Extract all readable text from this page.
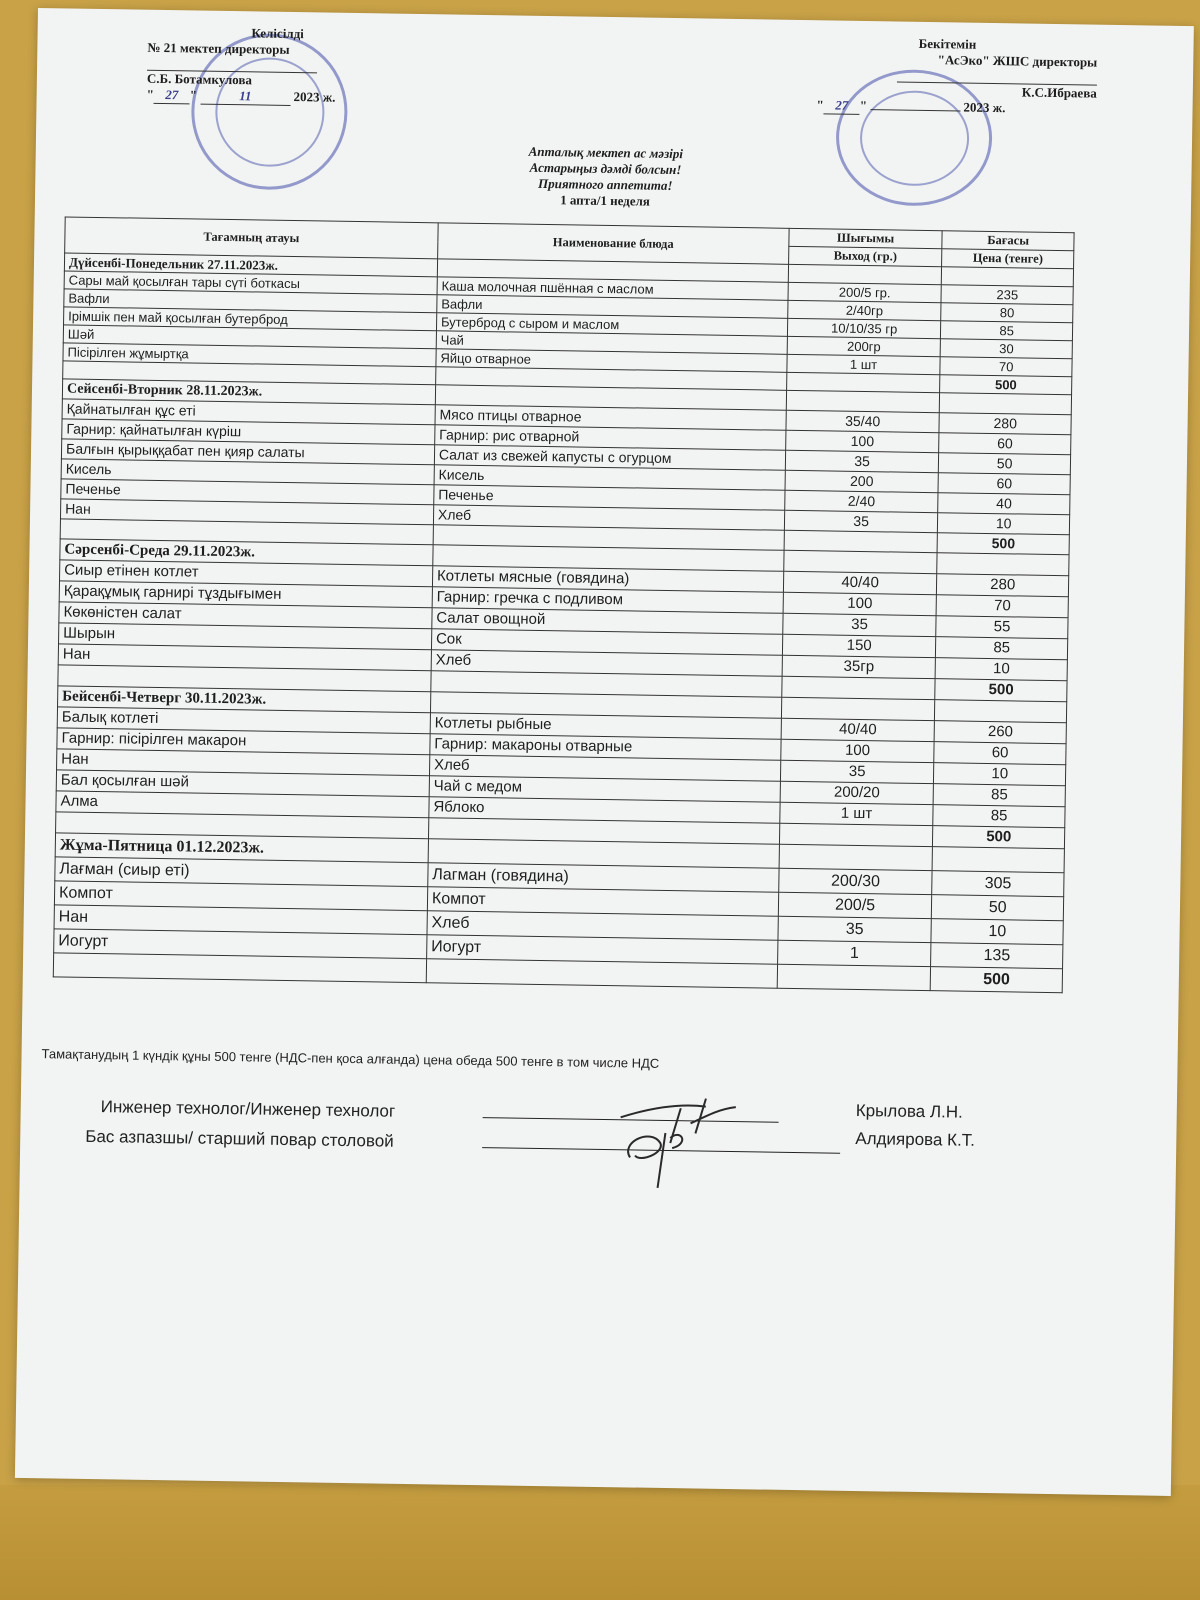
Келісілді
№ 21 мектеп директоры
С.Б. Ботамкулова
" 27 "	11	2023 ж.
Бекітемін
"АсЭко" ЖШС директоры
К.С.Ибраева
" 27 "	2023 ж.
Апталық мектеп ас мәзірі
Астарыңыз дәмді болсын!
Приятного аппетита!
1 апта/1 неделя
Тағамның атауы	Наименование блюда	Шығымы	Бағасы
		Выход (гр.)	Цена (тенге)
Дүйсенбі-Понедельник 27.11.2023ж.			
Сары май қосылған тары сүті боткасы	Каша молочная пшённая с маслом	200/5 гр.	235
Вафли	Вафли	2/40гр	80
Ірімшік пен май қосылған бутерброд	Бутерброд с сыром и маслом	10/10/35 гр	85
Шәй	Чай	200гр	30
Пісірілген жұмыртқа	Яйцо отварное	1 шт	70
			500
Сейсенбі-Вторник 28.11.2023ж.			
Қайнатылған құс еті	Мясо птицы отварное	35/40	280
Гарнир: қайнатылған күріш	Гарнир: рис отварной	100	60
Балғын қырыққабат пен қияр салаты	Салат из свежей капусты с огурцом	35	50
Кисель	Кисель	200	60
Печенье	Печенье	2/40	40
Нан	Хлеб	35	10
			500
Сәрсенбі-Среда 29.11.2023ж.			
Сиыр етінен котлет	Котлеты мясные (говядина)	40/40	280
Қарақұмық гарнирі тұздығымен	Гарнир: гречка с подливом	100	70
Көкөністен салат	Салат овощной	35	55
Шырын	Сок	150	85
Нан	Хлеб	35гр	10
			500
Бейсенбі-Четверг 30.11.2023ж.			
Балық котлеті	Котлеты рыбные	40/40	260
Гарнир: пісірілген макарон	Гарнир: макароны отварные	100	60
Нан	Хлеб	35	10
Бал қосылған шәй	Чай с медом	200/20	85
Алма	Яблоко	1 шт	85
			500
Жұма-Пятница 01.12.2023ж.			
Лағман (сиыр еті)	Лагман (говядина)	200/30	305
Компот	Компот	200/5	50
Нан	Хлеб	35	10
Иогурт	Иогурт	1	135
			500
Тамақтанудың 1 күндік құны 500 тенге (НДС-пен қоса алғанда) цена обеда 500 тенге в том числе НДС
Инженер технолог/Инженер технолог	Крылова Л.Н.
Бас азпазшы/ старший повар столовой	Алдиярова К.Т.
